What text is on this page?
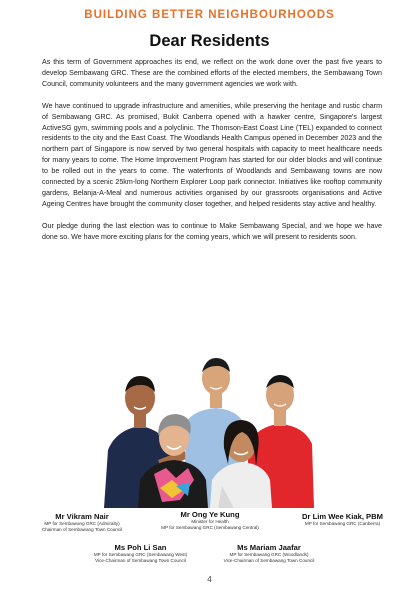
BUILDING BETTER NEIGHBOURHOODS
Dear Residents

As this term of Government approaches its end, we reflect on the work done over the past five years to develop Sembawang GRC. These are the combined efforts of the elected members, the Sembawang Town Council, community volunteers and the many government agencies we work with.

We have continued to upgrade infrastructure and amenities, while preserving the heritage and rustic charm of Sembawang GRC. As promised, Bukit Canberra opened with a hawker centre, Singapore's largest ActiveSG gym, swimming pools and a polyclinic. The Thomson-East Coast Line (TEL) expanded to connect residents to the city and the East Coast. The Woodlands Health Campus opened in December 2023 and the northern part of Singapore is now served by two general hospitals with capacity to meet healthcare needs for many years to come. The Home Improvement Program has started for our older blocks and will continue to be rolled out in the years to come. The waterfronts of Woodlands and Sembawang towns are now connected by a scenic 25km-long Northern Explorer Loop park connector. Initiatives like rooftop community gardens, Belanja-A-Meal and numerous activities organised by our grassroots organisations and Active Ageing Centres have brought the community closer together, and helped residents stay active and healthy.

Our pledge during the last election was to continue to Make Sembawang Special, and we hope we have done so. We have more exciting plans for the coming years, which we will present to residents soon.

Mr Vikram Nair
MP for Sembawang GRC (Admiralty)
Chairman of Sembawang Town Council
Mr Ong Ye Kung
Minister for Health
MP for Sembawang GRC (Sembawang Central)
Dr Lim Wee Kiak, PBM
MP for Sembawang GRC (Canberra)
Ms Poh Li San
MP for Sembawang GRC (Sembawang West)
Vice-Chairman of Sembawang Town Council
Ms Mariam Jaafar
MP for Sembawang GRC (Woodlands)
Vice-Chairman of Sembawang Town Council
4
